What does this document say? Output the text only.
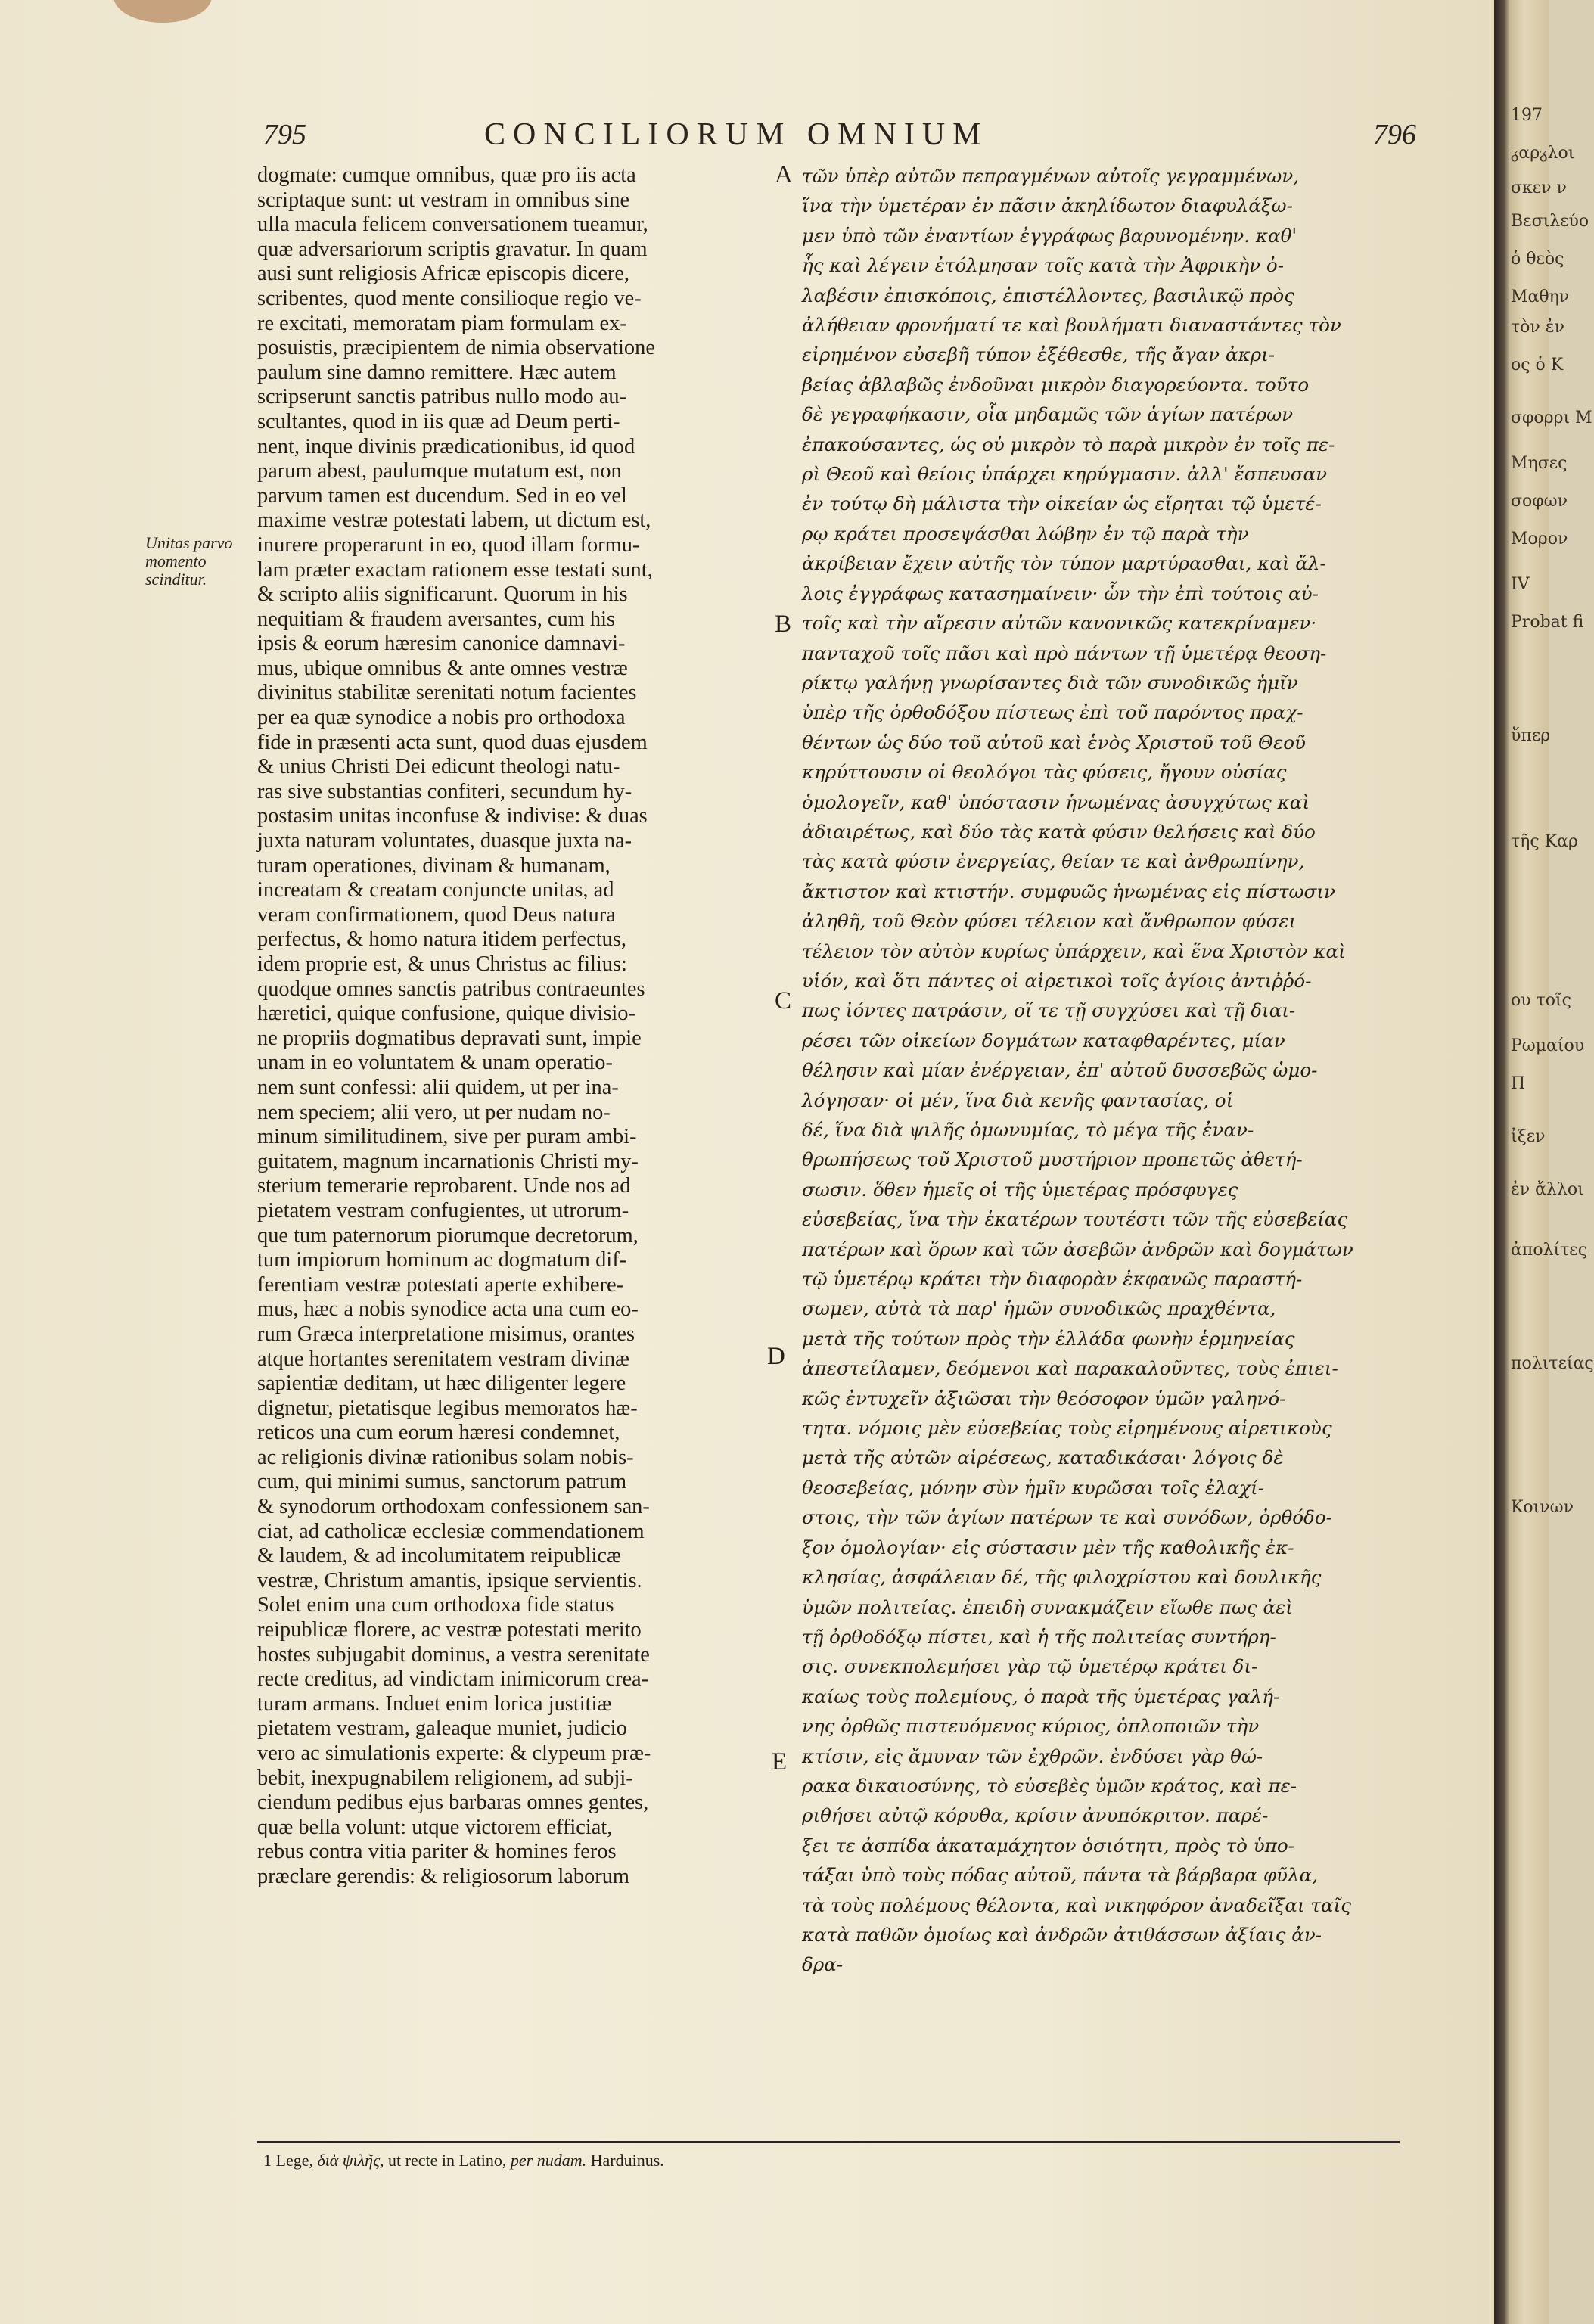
795	CONCILIORUM OMNIUM	796
Unitas parvo
momento
scinditur.
dogmate: cumque omnibus, quæ pro iis acta
scriptaque sunt: ut vestram in omnibus sine
ulla macula felicem conversationem tueamur,
quæ adversariorum scriptis gravatur. In quam
ausi sunt religiosis Africæ episcopis dicere,
scribentes, quod mente consilioque regio ve-
re excitati, memoratam piam formulam ex-
posuistis, præcipientem de nimia observatione
paulum sine damno remittere. Hæc autem
scripserunt sanctis patribus nullo modo au-
scultantes, quod in iis quæ ad Deum perti-
nent, inque divinis prædicationibus, id quod
parum abest, paulumque mutatum est, non
parvum tamen est ducendum. Sed in eo vel
maxime vestræ potestati labem, ut dictum est,
inurere properarunt in eo, quod illam formu-
lam præter exactam rationem esse testati sunt,
& scripto aliis significarunt. Quorum in his
nequitiam & fraudem aversantes, cum his
ipsis & eorum hæresim canonice damnavi-
mus, ubique omnibus & ante omnes vestræ
divinitus stabilitæ serenitati notum facientes
per ea quæ synodice a nobis pro orthodoxa
fide in præsenti acta sunt, quod duas ejusdem
& unius Christi Dei edicunt theologi natu-
ras sive substantias confiteri, secundum hy-
postasim unitas inconfuse & indivise: & duas
juxta naturam voluntates, duasque juxta na-
turam operationes, divinam & humanam,
increatam & creatam conjuncte unitas, ad
veram confirmationem, quod Deus natura
perfectus, & homo natura itidem perfectus,
idem proprie est, & unus Christus ac filius:
quodque omnes sanctis patribus contraeuntes
hæretici, quique confusione, quique divisio-
ne propriis dogmatibus depravati sunt, impie
unam in eo voluntatem & unam operatio-
nem sunt confessi: alii quidem, ut per ina-
nem speciem; alii vero, ut per nudam no-
minum similitudinem, sive per puram ambi-
guitatem, magnum incarnationis Christi my-
sterium temerarie reprobarent. Unde nos ad
pietatem vestram confugientes, ut utrorum-
que tum paternorum piorumque decretorum,
tum impiorum hominum ac dogmatum dif-
ferentiam vestræ potestati aperte exhibere-
mus, hæc a nobis synodice acta una cum eo-
rum Græca interpretatione misimus, orantes
atque hortantes serenitatem vestram divinæ
sapientiæ deditam, ut hæc diligenter legere
dignetur, pietatisque legibus memoratos hæ-
reticos una cum eorum hæresi condemnet,
ac religionis divinæ rationibus solam nobis-
cum, qui minimi sumus, sanctorum patrum
& synodorum orthodoxam confessionem san-
ciat, ad catholicæ ecclesiæ commendationem
& laudem, & ad incolumitatem reipublicæ
vestræ, Christum amantis, ipsique servientis.
Solet enim una cum orthodoxa fide status
reipublicæ florere, ac vestræ potestati merito
hostes subjugabit dominus, a vestra serenitate
recte creditus, ad vindictam inimicorum crea-
turam armans. Induet enim lorica justitiæ
pietatem vestram, galeaque muniet, judicio
vero ac simulationis experte: & clypeum præ-
bebit, inexpugnabilem religionem, ad subji-
ciendum pedibus ejus barbaras omnes gentes,
quæ bella volunt: utque victorem efficiat,
rebus contra vitia pariter & homines feros
præclare gerendis: & religiosorum laborum
A
B
C
D
E
τῶν ὑπὲρ αὐτῶν πεπραγμένων αὐτοῖς γεγραμμένων,
ἵνα τὴν ὑμετέραν ἐν πᾶσιν ἀκηλίδωτον διαφυλάξω-
μεν ὑπὸ τῶν ἐναντίων ἐγγράφως βαρυνομένην. καθ'
ἧς καὶ λέγειν ἐτόλμησαν τοῖς κατὰ τὴν Ἀφρικὴν ὁ-
λαβέσιν ἐπισκόποις, ἐπιστέλλοντες, βασιλικῷ πρὸς
ἀλήθειαν φρονήματί τε καὶ βουλήματι διαναστάντες τὸν
εἰρημένον εὐσεβῆ τύπον ἐξέθεσθε, τῆς ἄγαν ἀκρι-
βείας ἀβλαβῶς ἐνδοῦναι μικρὸν διαγορεύοντα. τοῦτο
δὲ γεγραφήκασιν, οἷα μηδαμῶς τῶν ἁγίων πατέρων
ἐπακούσαντες, ὡς οὐ μικρὸν τὸ παρὰ μικρὸν ἐν τοῖς πε-
ρὶ Θεοῦ καὶ θείοις ὑπάρχει κηρύγμασιν. ἀλλ' ἔσπευσαν
ἐν τούτῳ δὴ μάλιστα τὴν οἰκείαν ὡς εἴρηται τῷ ὑμετέ-
ρῳ κράτει προσεψάσθαι λώβην ἐν τῷ παρὰ τὴν
ἀκρίβειαν ἔχειν αὐτῆς τὸν τύπον μαρτύρασθαι, καὶ ἄλ-
λοις ἐγγράφως κατασημαίνειν· ὧν τὴν ἐπὶ τούτοις αὐ-
τοῖς καὶ τὴν αἵρεσιν αὐτῶν κανονικῶς κατεκρίναμεν·
πανταχοῦ τοῖς πᾶσι καὶ πρὸ πάντων τῇ ὑμετέρᾳ θεοση-
ρίκτῳ γαλήνῃ γνωρίσαντες διὰ τῶν συνοδικῶς ἡμῖν
ὑπὲρ τῆς ὀρθοδόξου πίστεως ἐπὶ τοῦ παρόντος πραχ-
θέντων ὡς δύο τοῦ αὐτοῦ καὶ ἑνὸς Χριστοῦ τοῦ Θεοῦ
κηρύττουσιν οἱ θεολόγοι τὰς φύσεις, ἤγουν οὐσίας
ὁμολογεῖν, καθ' ὑπόστασιν ἡνωμένας ἀσυγχύτως καὶ
ἀδιαιρέτως, καὶ δύο τὰς κατὰ φύσιν θελήσεις καὶ δύο
τὰς κατὰ φύσιν ἐνεργείας, θείαν τε καὶ ἀνθρωπίνην,
ἄκτιστον καὶ κτιστήν. συμφυῶς ἡνωμένας εἰς πίστωσιν
ἀληθῆ, τοῦ Θεὸν φύσει τέλειον καὶ ἄνθρωπον φύσει
τέλειον τὸν αὐτὸν κυρίως ὑπάρχειν, καὶ ἕνα Χριστὸν καὶ
υἱόν, καὶ ὅτι πάντες οἱ αἱρετικοὶ τοῖς ἁγίοις ἀντιῤῥό-
πως ἰόντες πατράσιν, οἵ τε τῇ συγχύσει καὶ τῇ διαι-
ρέσει τῶν οἰκείων δογμάτων καταφθαρέντες, μίαν
θέλησιν καὶ μίαν ἐνέργειαν, ἐπ' αὐτοῦ δυσσεβῶς ὡμο-
λόγησαν· οἱ μέν, ἵνα διὰ κενῆς φαντασίας, οἱ
δέ, ἵνα διὰ ψιλῆς ὁμωνυμίας, τὸ μέγα τῆς ἐναν-
θρωπήσεως τοῦ Χριστοῦ μυστήριον προπετῶς ἀθετή-
σωσιν. ὅθεν ἡμεῖς οἱ τῆς ὑμετέρας πρόσφυγες
εὐσεβείας, ἵνα τὴν ἑκατέρων τουτέστι τῶν τῆς εὐσεβείας
πατέρων καὶ ὅρων καὶ τῶν ἀσεβῶν ἀνδρῶν καὶ δογμάτων
τῷ ὑμετέρῳ κράτει τὴν διαφορὰν ἐκφανῶς παραστή-
σωμεν, αὐτὰ τὰ παρ' ἡμῶν συνοδικῶς πραχθέντα,
μετὰ τῆς τούτων πρὸς τὴν ἑλλάδα φωνὴν ἑρμηνείας
ἀπεστείλαμεν, δεόμενοι καὶ παρακαλοῦντες, τοὺς ἐπιει-
κῶς ἐντυχεῖν ἀξιῶσαι τὴν θεόσοφον ὑμῶν γαληνό-
τητα. νόμοις μὲν εὐσεβείας τοὺς εἰρημένους αἱρετικοὺς
μετὰ τῆς αὐτῶν αἱρέσεως, καταδικάσαι· λόγοις δὲ
θεοσεβείας, μόνην σὺν ἡμῖν κυρῶσαι τοῖς ἐλαχί-
στοις, τὴν τῶν ἁγίων πατέρων τε καὶ συνόδων, ὀρθόδο-
ξον ὁμολογίαν· εἰς σύστασιν μὲν τῆς καθολικῆς ἐκ-
κλησίας, ἀσφάλειαν δέ, τῆς φιλοχρίστου καὶ δουλικῆς
ὑμῶν πολιτείας. ἐπειδὴ συνακμάζειν εἴωθε πως ἀεὶ
τῇ ὀρθοδόξῳ πίστει, καὶ ἡ τῆς πολιτείας συντήρη-
σις. συνεκπολεμήσει γὰρ τῷ ὑμετέρῳ κράτει δι-
καίως τοὺς πολεμίους, ὁ παρὰ τῆς ὑμετέρας γαλή-
νης ὀρθῶς πιστευόμενος κύριος, ὁπλοποιῶν τὴν
κτίσιν, εἰς ἄμυναν τῶν ἐχθρῶν. ἐνδύσει γὰρ θώ-
ρακα δικαιοσύνης, τὸ εὐσεβὲς ὑμῶν κράτος, καὶ πε-
ριθήσει αὐτῷ κόρυθα, κρίσιν ἀνυπόκριτον. παρέ-
ξει τε ἀσπίδα ἀκαταμάχητον ὁσιότητι, πρὸς τὸ ὑπο-
τάξαι ὑπὸ τοὺς πόδας αὐτοῦ, πάντα τὰ βάρβαρα φῦλα,
τὰ τοὺς πολέμους θέλοντα, καὶ νικηφόρον ἀναδεῖξαι ταῖς
κατὰ παθῶν ὁμοίως καὶ ἀνδρῶν ἀτιθάσσων ἀξίαις ἀν-
δρα-
1 Lege, διὰ ψιλῆς, ut recte in Latino, per nudam. Harduinus.
197
ᵹαρᵹλοι
σκεν ν
Βεσιλεύο
ὁ θεὸς
Μαθην
τὸν ἐν
ος ὁ Κ
σφορρι Μ
Μησες
σοφων
Μορον
IV
Probat fi
ὕπερ
τῆς Καρ
ου τοῖς
Ρωμαίου
Π
ἰξεν
ἐν ἄλλοι
ἀπολίτες
πολιτείας
Κοινων
